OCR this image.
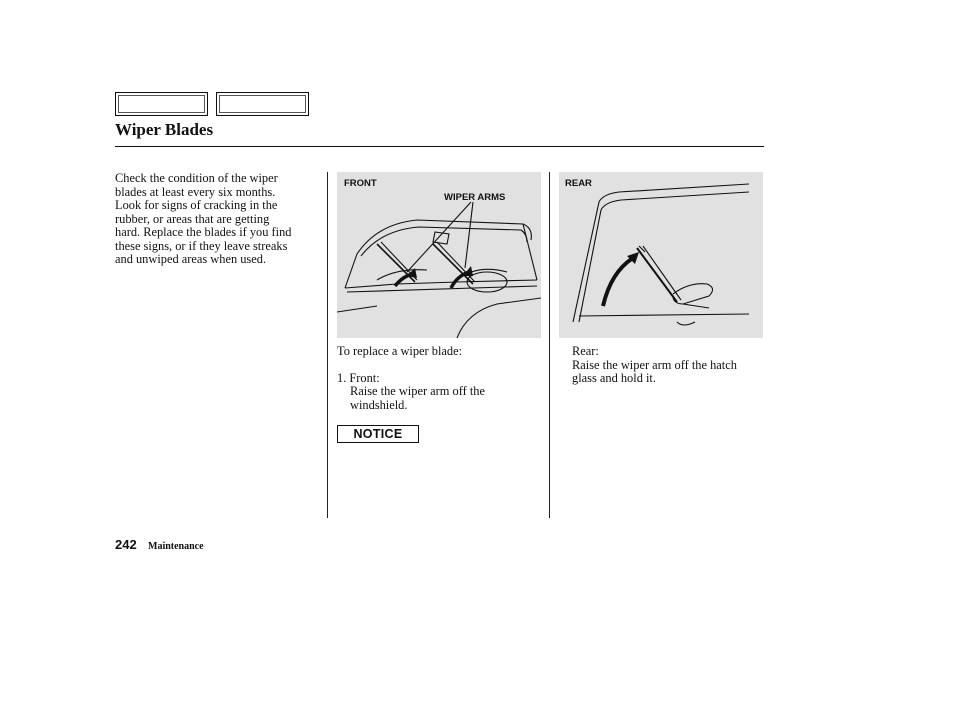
Wiper Blades
Check the condition of the wiper
blades at least every six months.
Look for signs of cracking in the
rubber, or areas that are getting
hard. Replace the blades if you find
these signs, or if they leave streaks
and unwiped areas when used.
FRONT
WIPER ARMS
REAR
To replace a wiper blade:
1. Front:
Raise the wiper arm off the
windshield.
NOTICE
Rear:
Raise the wiper arm off the hatch
glass and hold it.
242 Maintenance
